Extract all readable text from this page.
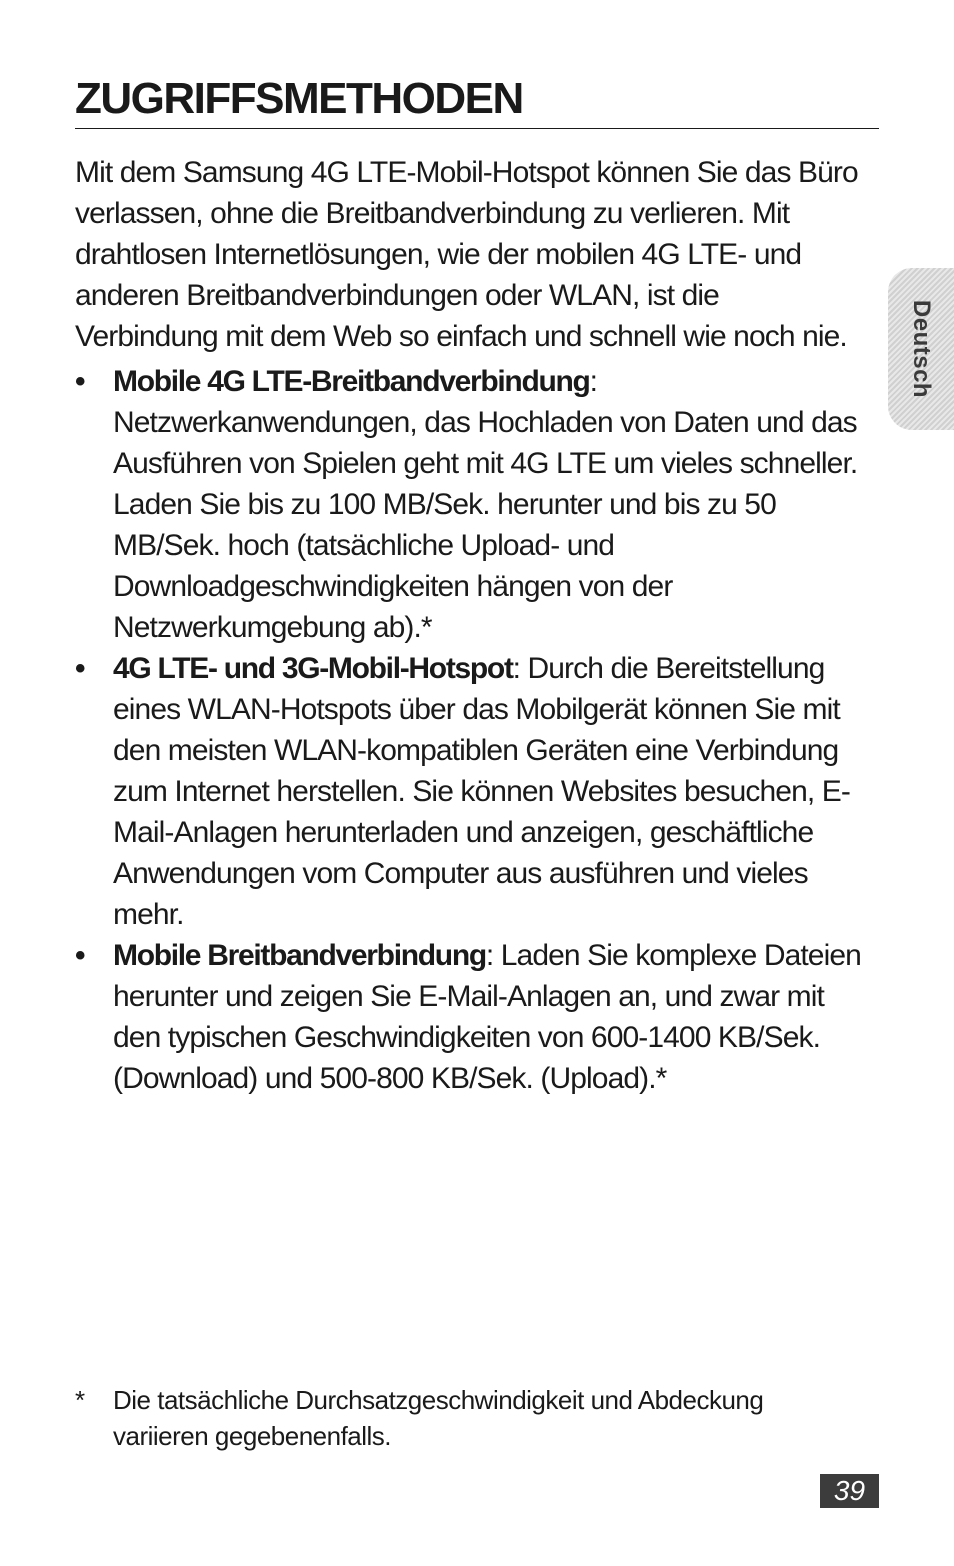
ZUGRIFFSMETHODEN

Mit dem Samsung 4G LTE-Mobil-Hotspot können Sie das Büro verlassen, ohne die Breitbandverbindung zu verlieren. Mit drahtlosen Internetlösungen, wie der mobilen 4G LTE- und anderen Breitbandverbindungen oder WLAN, ist die Verbindung mit dem Web so einfach und schnell wie noch nie.

• Mobile 4G LTE-Breitbandverbindung: Netzwerkanwendungen, das Hochladen von Daten und das Ausführen von Spielen geht mit 4G LTE um vieles schneller. Laden Sie bis zu 100 MB/Sek. herunter und bis zu 50 MB/Sek. hoch (tatsächliche Upload- und Downloadgeschwindigkeiten hängen von der Netzwerkumgebung ab).*
• 4G LTE- und 3G-Mobil-Hotspot: Durch die Bereitstellung eines WLAN-Hotspots über das Mobilgerät können Sie mit den meisten WLAN-kompatiblen Geräten eine Verbindung zum Internet herstellen. Sie können Websites besuchen, E-Mail-Anlagen herunterladen und anzeigen, geschäftliche Anwendungen vom Computer aus ausführen und vieles mehr.
• Mobile Breitbandverbindung: Laden Sie komplexe Dateien herunter und zeigen Sie E-Mail-Anlagen an, und zwar mit den typischen Geschwindigkeiten von 600-1400 KB/Sek. (Download) und 500-800 KB/Sek. (Upload).*
Deutsch
*	Die tatsächliche Durchsatzgeschwindigkeit und Abdeckung variieren gegebenenfalls.
39
